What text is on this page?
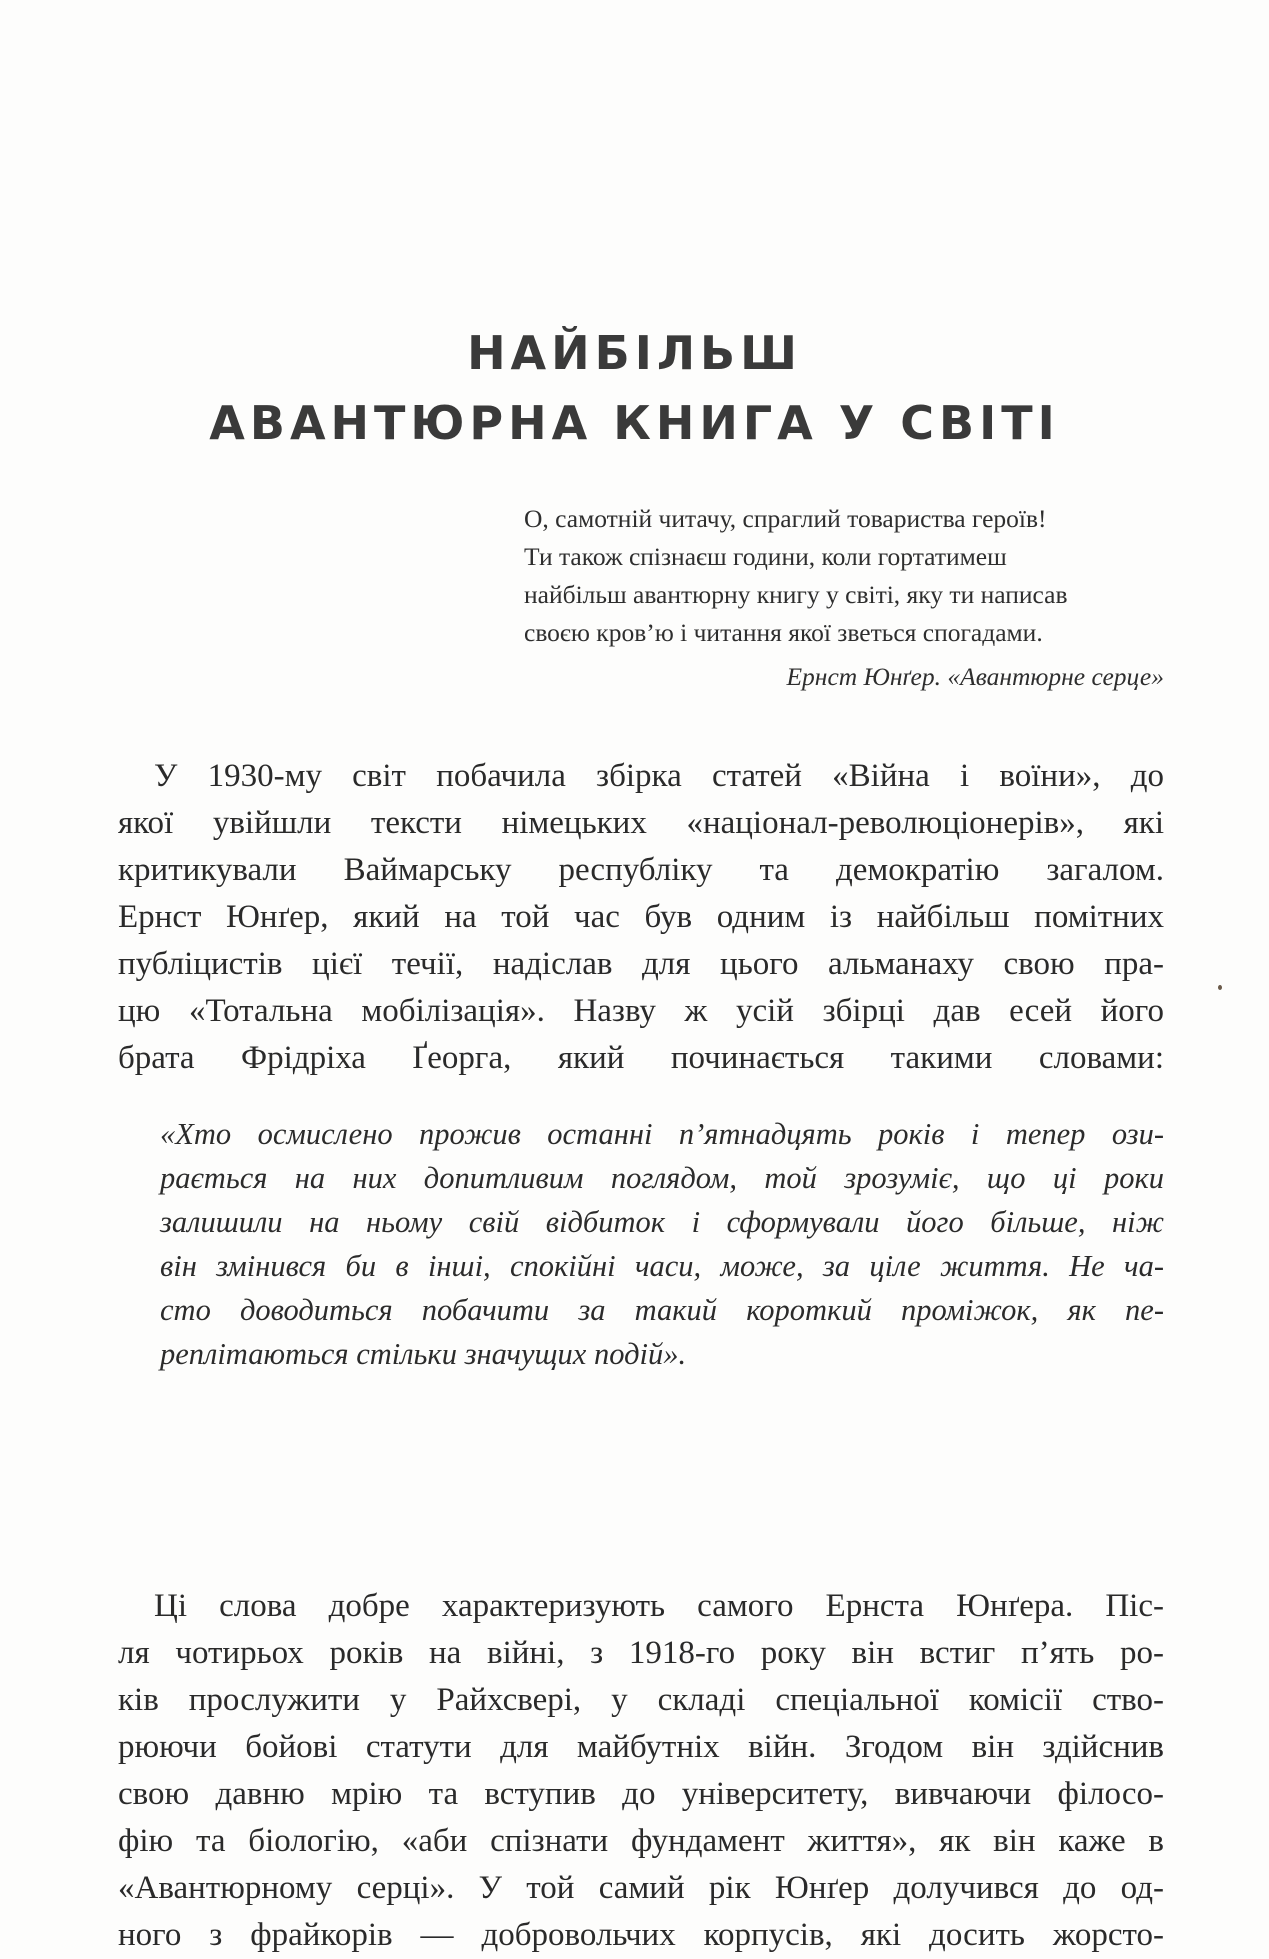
НАЙБІЛЬШ
АВАНТЮРНА КНИГА У СВІТІ
О, самотній читачу, спраглий товариства героїв!
Ти також спізнаєш години, коли гортатимеш
найбільш авантюрну книгу у світі, яку ти написав
своєю кров’ю і читання якої зветься спогадами.
Ернст Юнґер. «Авантюрне серце»
У 1930-му світ побачила збірка статей «Війна і воїни», до
якої увійшли тексти німецьких «націонал-революціонерів», які
критикували Ваймарську республіку та демократію загалом.
Ернст Юнґер, який на той час був одним із найбільш помітних
публіцистів цієї течії, надіслав для цього альманаху свою пра-
цю «Тотальна мобілізація». Назву ж усій збірці дав есей його
брата Фрідріха Ґеорга, який починається такими словами:
«Хто осмислено прожив останні п’ятнадцять років і тепер ози-
рається на них допитливим поглядом, той зрозуміє, що ці роки
залишили на ньому свій відбиток і сформували його більше, ніж
він змінився би в інші, спокійні часи, може, за ціле життя. Не ча-
сто доводиться побачити за такий короткий проміжок, як пе-
реплітаються стільки значущих подій».
Ці слова добре характеризують самого Ернста Юнґера. Піс-
ля чотирьох років на війні, з 1918-го року він встиг п’ять ро-
ків прослужити у Райхсвері, у складі спеціальної комісії ство-
рюючи бойові статути для майбутніх війн. Згодом він здійснив
свою давню мрію та вступив до університету, вивчаючи філосо-
фію та біологію, «аби спізнати фундамент життя», як він каже в
«Авантюрному серці». У той самий рік Юнґер долучився до од-
ного з фрайкорів — добровольчих корпусів, які досить жорсто-
